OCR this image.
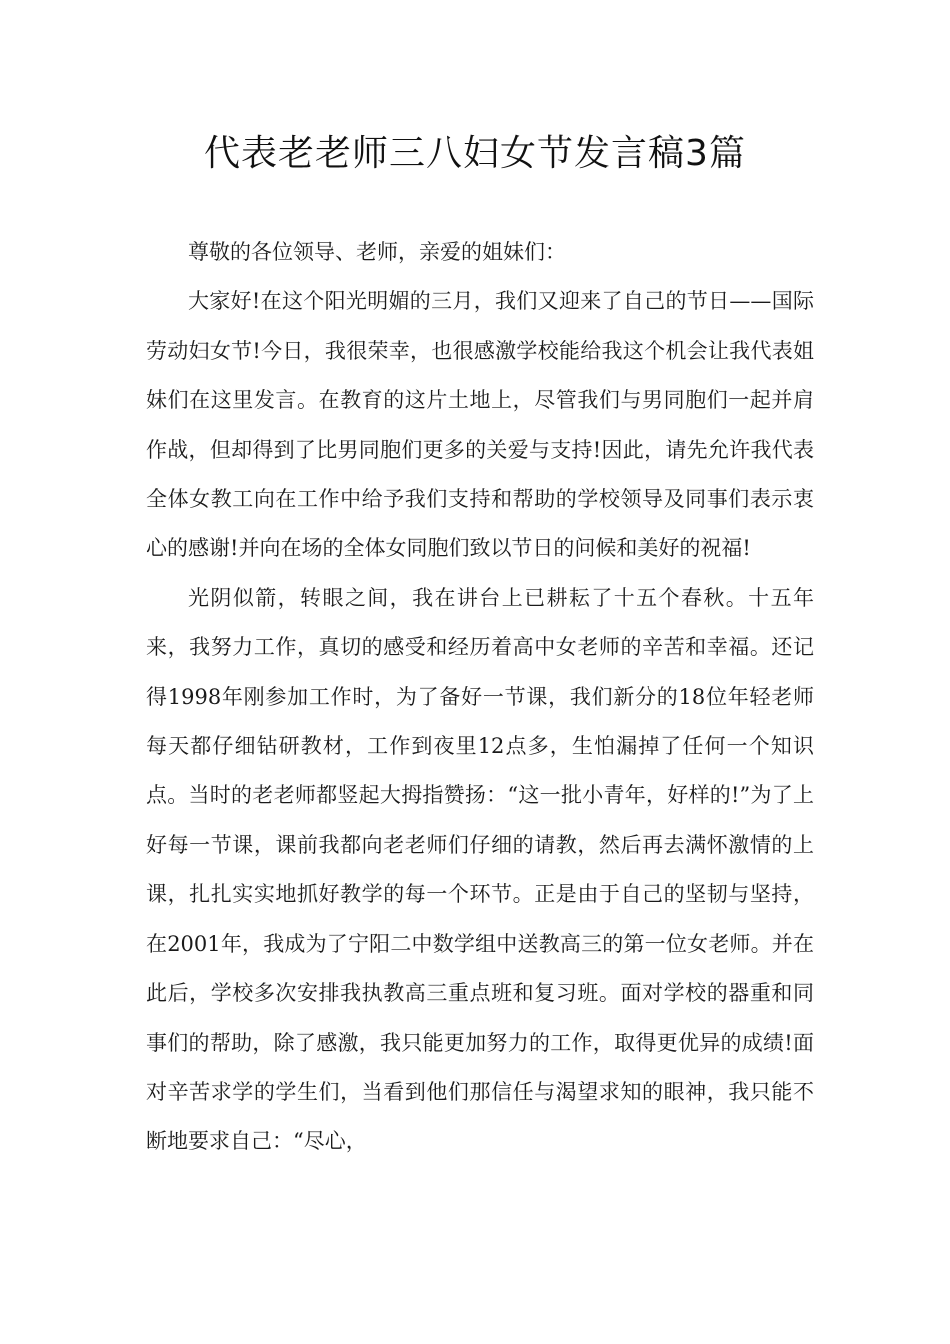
代表老老师三八妇女节发言稿3篇

尊敬的各位领导、老师，亲爱的姐妹们：

大家好!在这个阳光明媚的三月，我们又迎来了自己的节日——国际劳动妇女节!今日，我很荣幸，也很感激学校能给我这个机会让我代表姐妹们在这里发言。在教育的这片土地上，尽管我们与男同胞们一起并肩作战，但却得到了比男同胞们更多的关爱与支持!因此，请先允许我代表全体女教工向在工作中给予我们支持和帮助的学校领导及同事们表示衷心的感谢!并向在场的全体女同胞们致以节日的问候和美好的祝福!

光阴似箭，转眼之间，我在讲台上已耕耘了十五个春秋。十五年来，我努力工作，真切的感受和经历着高中女老师的辛苦和幸福。还记得1998年刚参加工作时，为了备好一节课，我们新分的18位年轻老师每天都仔细钻研教材，工作到夜里12点多，生怕漏掉了任何一个知识点。当时的老老师都竖起大拇指赞扬：“这一批小青年，好样的!”为了上好每一节课，课前我都向老老师们仔细的请教，然后再去满怀激情的上课，扎扎实实地抓好教学的每一个环节。正是由于自己的坚韧与坚持，在2001年，我成为了宁阳二中数学组中送教高三的第一位女老师。并在此后，学校多次安排我执教高三重点班和复习班。面对学校的器重和同事们的帮助，除了感激，我只能更加努力的工作，取得更优异的成绩!面对辛苦求学的学生们，当看到他们那信任与渴望求知的眼神，我只能不断地要求自己：“尽心，
